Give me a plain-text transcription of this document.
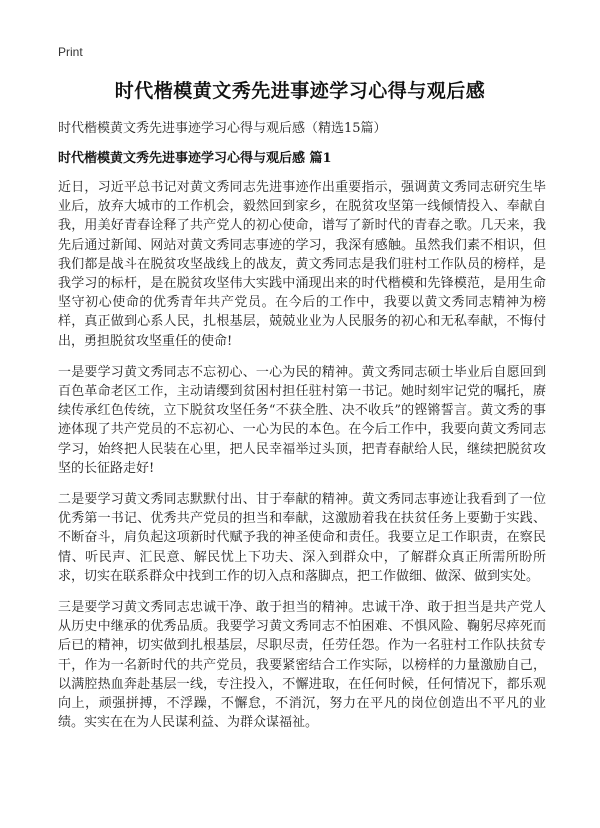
Print
时代楷模黄文秀先进事迹学习心得与观后感
时代楷模黄文秀先进事迹学习心得与观后感（精选15篇）
时代楷模黄文秀先进事迹学习心得与观后感 篇1

近日，习近平总书记对黄文秀同志先进事迹作出重要指示，强调黄文秀同志研究生毕业后，放弃大城市的工作机会，毅然回到家乡，在脱贫攻坚第一线倾情投入、奉献自我，用美好青春诠释了共产党人的初心使命，谱写了新时代的青春之歌。几天来，我先后通过新闻、网站对黄文秀同志事迹的学习，我深有感触。虽然我们素不相识，但我们都是战斗在脱贫攻坚战线上的战友，黄文秀同志是我们驻村工作队员的榜样，是我学习的标杆，是在脱贫攻坚伟大实践中涌现出来的时代楷模和先锋模范，是用生命坚守初心使命的优秀青年共产党员。在今后的工作中，我要以黄文秀同志精神为榜样，真正做到心系人民，扎根基层，兢兢业业为人民服务的初心和无私奉献，不悔付出，勇担脱贫攻坚重任的使命!

一是要学习黄文秀同志不忘初心、一心为民的精神。黄文秀同志硕士毕业后自愿回到百色革命老区工作，主动请缨到贫困村担任驻村第一书记。她时刻牢记党的嘱托，赓续传承红色传统，立下脱贫攻坚任务“不获全胜、决不收兵”的铿锵誓言。黄文秀的事迹体现了共产党员的不忘初心、一心为民的本色。在今后工作中，我要向黄文秀同志学习，始终把人民装在心里，把人民幸福举过头顶，把青春献给人民，继续把脱贫攻坚的长征路走好!

二是要学习黄文秀同志默默付出、甘于奉献的精神。黄文秀同志事迹让我看到了一位优秀第一书记、优秀共产党员的担当和奉献，这激励着我在扶贫任务上要勤于实践、不断奋斗，肩负起这项新时代赋予我的神圣使命和责任。我要立足工作职责，在察民情、听民声、汇民意、解民忧上下功夫、深入到群众中，了解群众真正所需所盼所求，切实在联系群众中找到工作的切入点和落脚点，把工作做细、做深、做到实处。

三是要学习黄文秀同志忠诚干净、敢于担当的精神。忠诚干净、敢于担当是共产党人从历史中继承的优秀品质。我要学习黄文秀同志不怕困难、不惧风险、鞠躬尽瘁死而后已的精神，切实做到扎根基层，尽职尽责，任劳任怨。作为一名驻村工作队扶贫专干，作为一名新时代的共产党员，我要紧密结合工作实际，以榜样的力量激励自己，以满腔热血奔赴基层一线，专注投入，不懈进取，在任何时候，任何情况下，都乐观向上，顽强拼搏，不浮躁，不懈怠，不消沉，努力在平凡的岗位创造出不平凡的业绩。实实在在为人民谋利益、为群众谋福祉。
